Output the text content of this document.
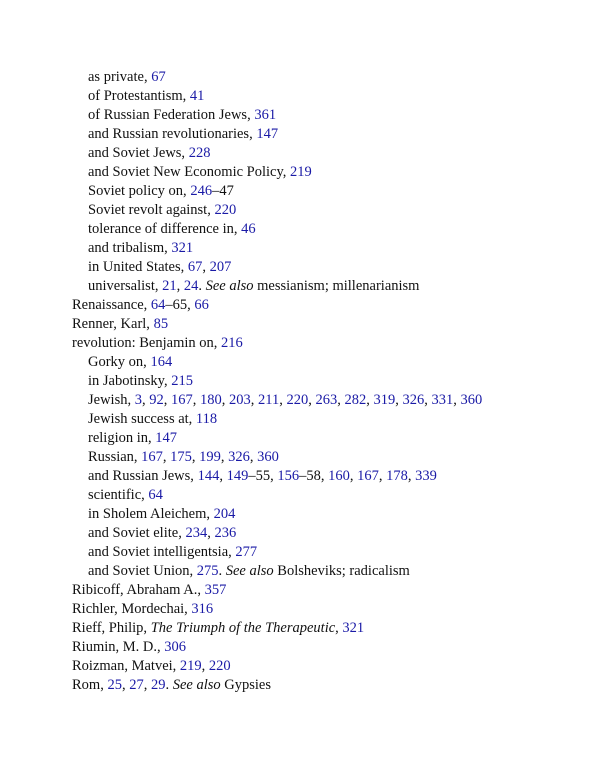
as private, 67
of Protestantism, 41
of Russian Federation Jews, 361
and Russian revolutionaries, 147
and Soviet Jews, 228
and Soviet New Economic Policy, 219
Soviet policy on, 246–47
Soviet revolt against, 220
tolerance of difference in, 46
and tribalism, 321
in United States, 67, 207
universalist, 21, 24. See also messianism; millenarianism
Renaissance, 64–65, 66
Renner, Karl, 85
revolution: Benjamin on, 216
Gorky on, 164
in Jabotinsky, 215
Jewish, 3, 92, 167, 180, 203, 211, 220, 263, 282, 319, 326, 331, 360
Jewish success at, 118
religion in, 147
Russian, 167, 175, 199, 326, 360
and Russian Jews, 144, 149–55, 156–58, 160, 167, 178, 339
scientific, 64
in Sholem Aleichem, 204
and Soviet elite, 234, 236
and Soviet intelligentsia, 277
and Soviet Union, 275. See also Bolsheviks; radicalism
Ribicoff, Abraham A., 357
Richler, Mordechai, 316
Rieff, Philip, The Triumph of the Therapeutic, 321
Riumin, M. D., 306
Roizman, Matvei, 219, 220
Rom, 25, 27, 29. See also Gypsies
